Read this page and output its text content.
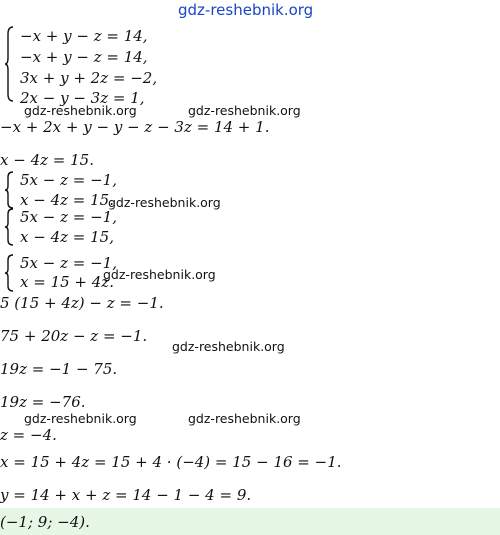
gdz-reshebnik.org
−x + y − z = 14,
−x + y − z = 14,
3x + y + 2z = −2,
2x − y − 3z = 1,
gdz-reshebnik.org	gdz-reshebnik.org
−x + 2x + y − y − z − 3z = 14 + 1.
x − 4z = 15.
5x − z = −1,
x − 4z = 15.
gdz-reshebnik.org
5x − z = −1,
x − 4z = 15,
5x − z = −1,
x = 15 + 4z.
gdz-reshebnik.org
5 (15 + 4z) − z = −1.
75 + 20z − z = −1.
gdz-reshebnik.org
19z = −1 − 75.
19z = −76.
gdz-reshebnik.org	gdz-reshebnik.org
z = −4.
x = 15 + 4z = 15 + 4 · (−4) = 15 − 16 = −1.
y = 14 + x + z = 14 − 1 − 4 = 9.
(−1; 9; −4).
